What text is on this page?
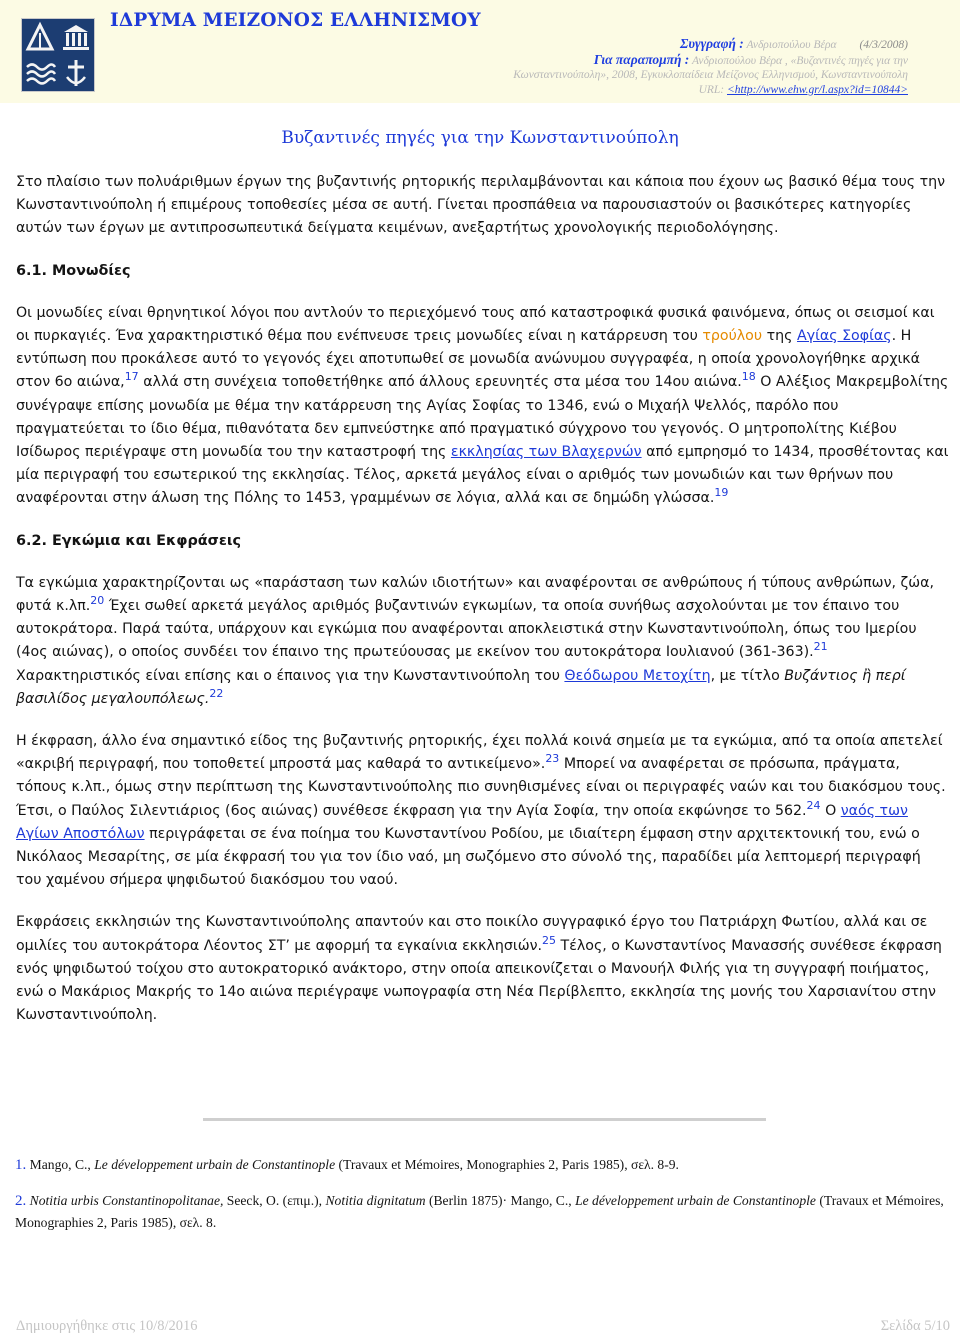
ΙΔΡΥΜΑ ΜΕΙΖΟΝΟΣ ΕΛΛΗΝΙΣΜΟΥ
Συγγραφή : Ανδριοπούλου Βέρα (4/3/2008)
Για παραπομπή : Ανδριοπούλου Βέρα , «Βυζαντινές πηγές για την
Κωνσταντινούπολη», 2008, Εγκυκλοπαίδεια Μείζονος Ελληνισμού, Κωνσταντινούπολη
URL: <http://www.ehw.gr/l.aspx?id=10844>
Βυζαντινές πηγές για την Κωνσταντινούπολη

Στο πλαίσιο των πολυάριθμων έργων της βυζαντινής ρητορικής περιλαμβάνονται και κάποια που έχουν ως βασικό θέμα τους την Κωνσταντινούπολη ή επιμέρους τοποθεσίες μέσα σε αυτή. Γίνεται προσπάθεια να παρουσιαστούν οι βασικότερες κατηγορίες αυτών των έργων με αντιπροσωπευτικά δείγματα κειμένων, ανεξαρτήτως χρονολογικής περιοδολόγησης.

6.1. Μονωδίες

Οι μονωδίες είναι θρηνητικοί λόγοι που αντλούν το περιεχόμενό τους από καταστροφικά φυσικά φαινόμενα, όπως οι σεισμοί και οι πυρκαγιές. Ένα χαρακτηριστικό θέμα που ενέπνευσε τρεις μονωδίες είναι η κατάρρευση του τρούλου της Αγίας Σοφίας. Η εντύπωση που προκάλεσε αυτό το γεγονός έχει αποτυπωθεί σε μονωδία ανώνυμου συγγραφέα, η οποία χρονολογήθηκε αρχικά στον 6ο αιώνα,$^{17}$ αλλά στη συνέχεια τοποθετήθηκε από άλλους ερευνητές στα μέσα του 14ου αιώνα.$^{18}$ Ο Αλέξιος Μακρεμβολίτης συνέγραψε επίσης μονωδία με θέμα την κατάρρευση της Αγίας Σοφίας το 1346, ενώ ο Μιχαήλ Ψελλός, παρόλο που πραγματεύεται το ίδιο θέμα, πιθανότατα δεν εμπνεύστηκε από πραγματικό σύγχρονο του γεγονός. Ο μητροπολίτης Κιέβου Ισίδωρος περιέγραψε στη μονωδία του την καταστροφή της εκκλησίας των Βλαχερνών από εμπρησμό το 1434, προσθέτοντας και μία περιγραφή του εσωτερικού της εκκλησίας. Τέλος, αρκετά μεγάλος είναι ο αριθμός των μονωδιών και των θρήνων που αναφέρονται στην άλωση της Πόλης το 1453, γραμμένων σε λόγια, αλλά και σε δημώδη γλώσσα.$^{19}$

6.2. Εγκώμια και Εκφράσεις

Τα εγκώμια χαρακτηρίζονται ως «παράσταση των καλών ιδιοτήτων» και αναφέρονται σε ανθρώπους ή τύπους ανθρώπων, ζώα, φυτά κ.λπ.$^{20}$ Έχει σωθεί αρκετά μεγάλος αριθμός βυζαντινών εγκωμίων, τα οποία συνήθως ασχολούνται με τον έπαινο του αυτοκράτορα. Παρά ταύτα, υπάρχουν και εγκώμια που αναφέρονται αποκλειστικά στην Κωνσταντινούπολη, όπως του Ιμερίου (4ος αιώνας), ο οποίος συνδέει τον έπαινο της πρωτεύουσας με εκείνον του αυτοκράτορα Ιουλιανού (361-363).$^{21}$ Χαρακτηριστικός είναι επίσης και ο έπαινος για την Κωνσταντινούπολη του Θεόδωρου Μετοχίτη, με τίτλο Βυζάντιος ἢ περί βασιλίδος μεγαλουπόλεως.$^{22}$

Η έκφραση, άλλο ένα σημαντικό είδος της βυζαντινής ρητορικής, έχει πολλά κοινά σημεία με τα εγκώμια, από τα οποία απετελεί «ακριβή περιγραφή, που τοποθετεί μπροστά μας καθαρά το αντικείμενο».$^{23}$ Μπορεί να αναφέρεται σε πρόσωπα, πράγματα, τόπους κ.λπ., όμως στην περίπτωση της Κωνσταντινούπολης πιο συνηθισμένες είναι οι περιγραφές ναών και του διακόσμου τους. Έτσι, ο Παύλος Σιλεντιάριος (6ος αιώνας) συνέθεσε έκφραση για την Αγία Σοφία, την οποία εκφώνησε το 562.24 Ο ναός των Αγίων Αποστόλων περιγράφεται σε ένα ποίημα του Κωνσταντίνου Ροδίου, με ιδιαίτερη έμφαση στην αρχιτεκτονική του, ενώ ο Νικόλαος Μεσαρίτης, σε μία έκφρασή του για τον ίδιο ναό, μη σωζόμενο στο σύνολό της, παραδίδει μία λεπτομερή περιγραφή του χαμένου σήμερα ψηφιδωτού διακόσμου του ναού.

Εκφράσεις εκκλησιών της Κωνσταντινούπολης απαντούν και στο ποικίλο συγγραφικό έργο του Πατριάρχη Φωτίου, αλλά και σε ομιλίες του αυτοκράτορα Λέοντος ΣΤ’ με αφορμή τα εγκαίνια εκκλησιών.$^{25}$ Τέλος, ο Κωνσταντίνος Μανασσής συνέθεσε έκφραση ενός ψηφιδωτού τοίχου στο αυτοκρατορικό ανάκτορο, στην οποία απεικονίζεται ο Μανουήλ Φιλής για τη συγγραφή ποιήματος, ενώ ο Μακάριος Μακρής το 14ο αιώνα περιέγραψε νωπογραφία στη Νέα Περίβλεπτο, εκκλησία της μονής του Χαρσιανίτου στην Κωνσταντινούπολη.

1. Mango, C., Le développement urbain de Constantinople (Travaux et Mémoires, Monographies 2, Paris 1985), σελ. 8-9.
2. Notitia urbis Constantinopolitanae, Seeck, O. (επιμ.), Notitia dignitatum (Berlin 1875)· Mango, C., Le développement urbain de Constantinople (Travaux et Mémoires, Monographies 2, Paris 1985), σελ. 8.
Δημιουργήθηκε στις 10/8/2016	Σελίδα 5/10
